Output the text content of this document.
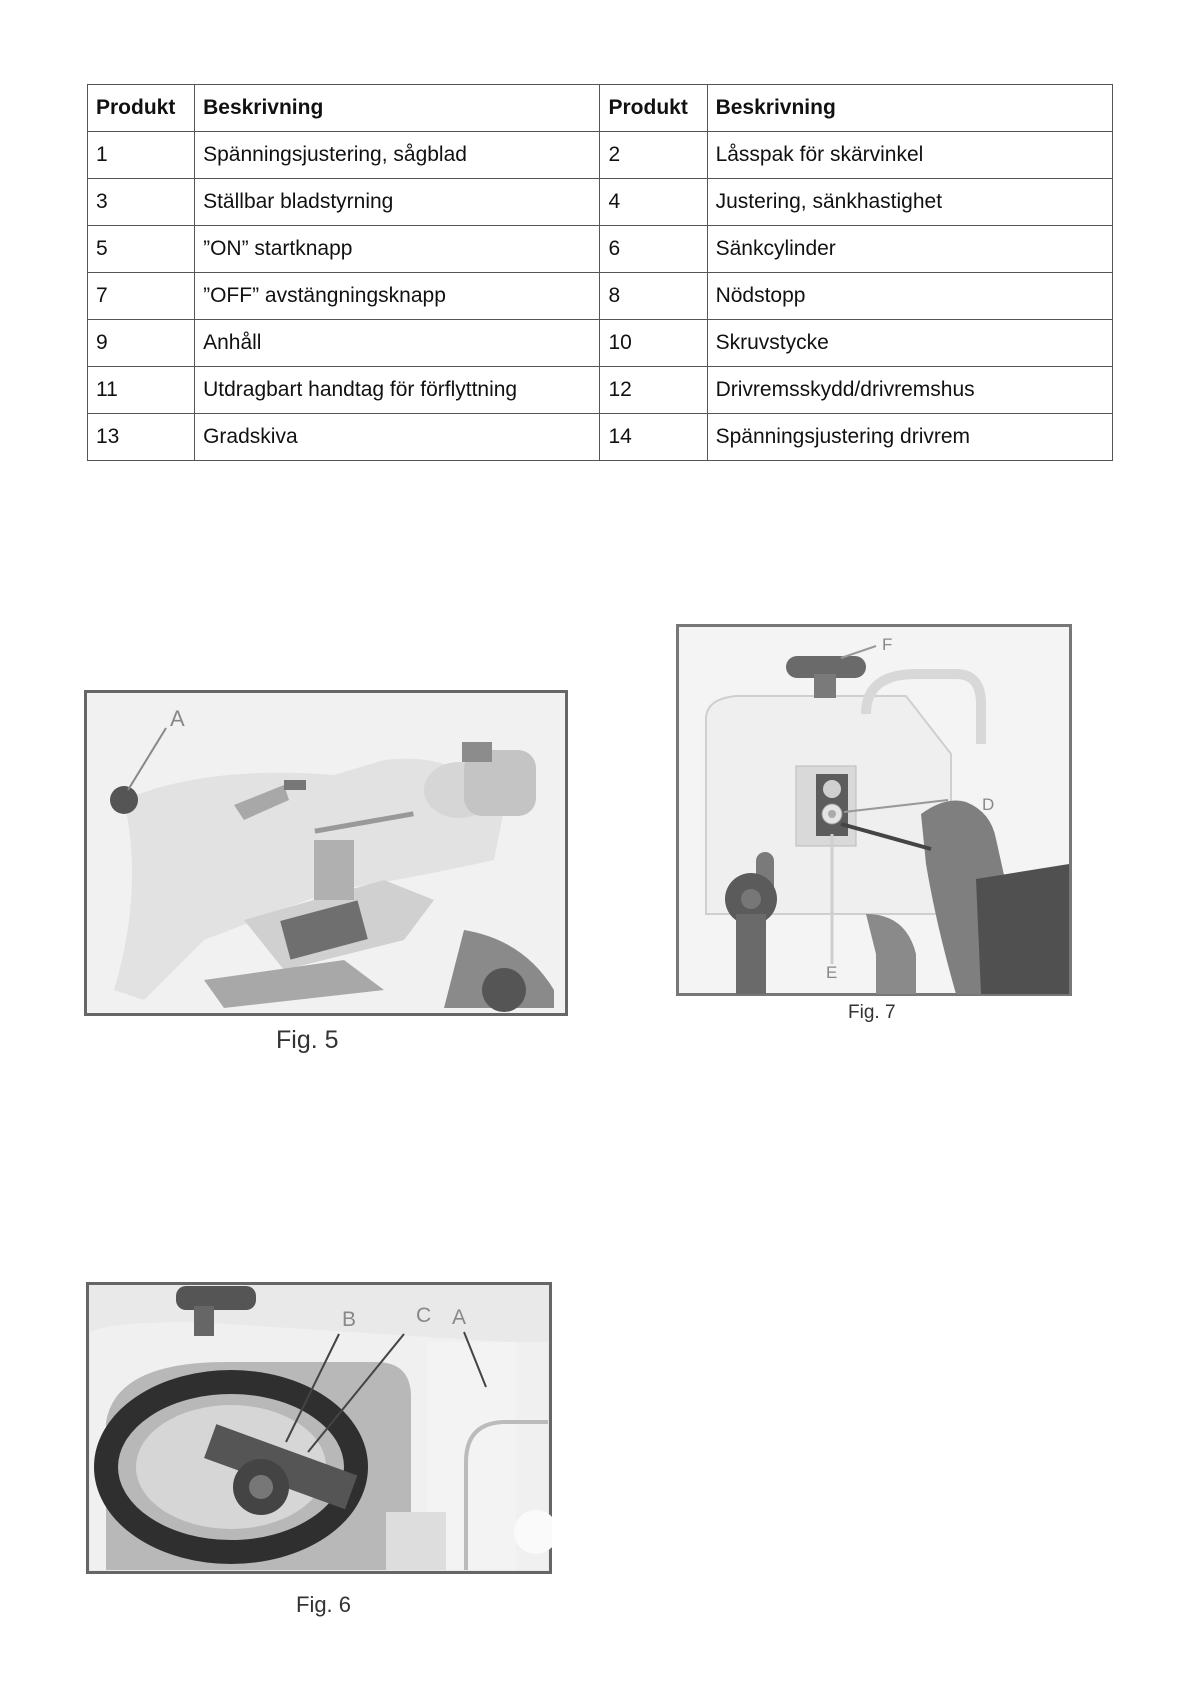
Produkt	Beskrivning	Produkt	Beskrivning
1	Spänningsjustering, sågblad	2	Låsspak för skärvinkel
3	Ställbar bladstyrning	4	Justering, sänkhastighet
5	”ON” startknapp	6	Sänkcylinder
7	”OFF” avstängningsknapp	8	Nödstopp
9	Anhåll	10	Skruvstycke
11	Utdragbart handtag för förflyttning	12	Drivremsskydd/drivremshus
13	Gradskiva	14	Spänningsjustering drivrem
A
Fig. 5
F
D
E
Fig. 7
B	C A
Fig. 6
